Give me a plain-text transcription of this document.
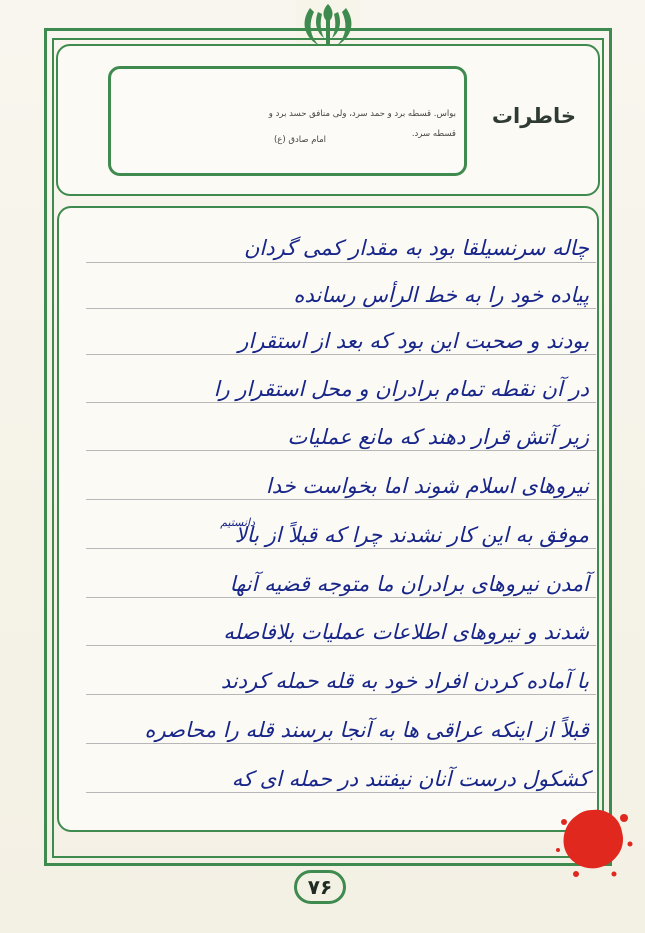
بواس. قسطه برد و حمد سرد، ولی منافق حسد برد و
قسطه سرد.
امام صادق (ع)
خاطرات
چاله سرنسیلقا بود به مقدار کمی گردان
پیاده خود را به خط الرأس رسانده
بودند و صحبت این بود که بعد از استقرار
در آن نقطه تمام برادران و محل استقرار را
زیر آتش قرار دهند که مانع عملیات
نیروهای اسلام شوند اما بخواست خدا
موفق به این کار نشدند چرا که قبلاً از بالا
آمدن نیروهای برادران ما متوجه قضیه آنها
شدند و نیروهای اطلاعات عملیات بلافاصله
با آماده کردن افراد خود به قله حمله کردند
قبلاً از اینکه عراقی ها به آنجا برسند قله را محاصره
کشکول درست آنان نیفتند در حمله ای که
دانستیم
۷۶
